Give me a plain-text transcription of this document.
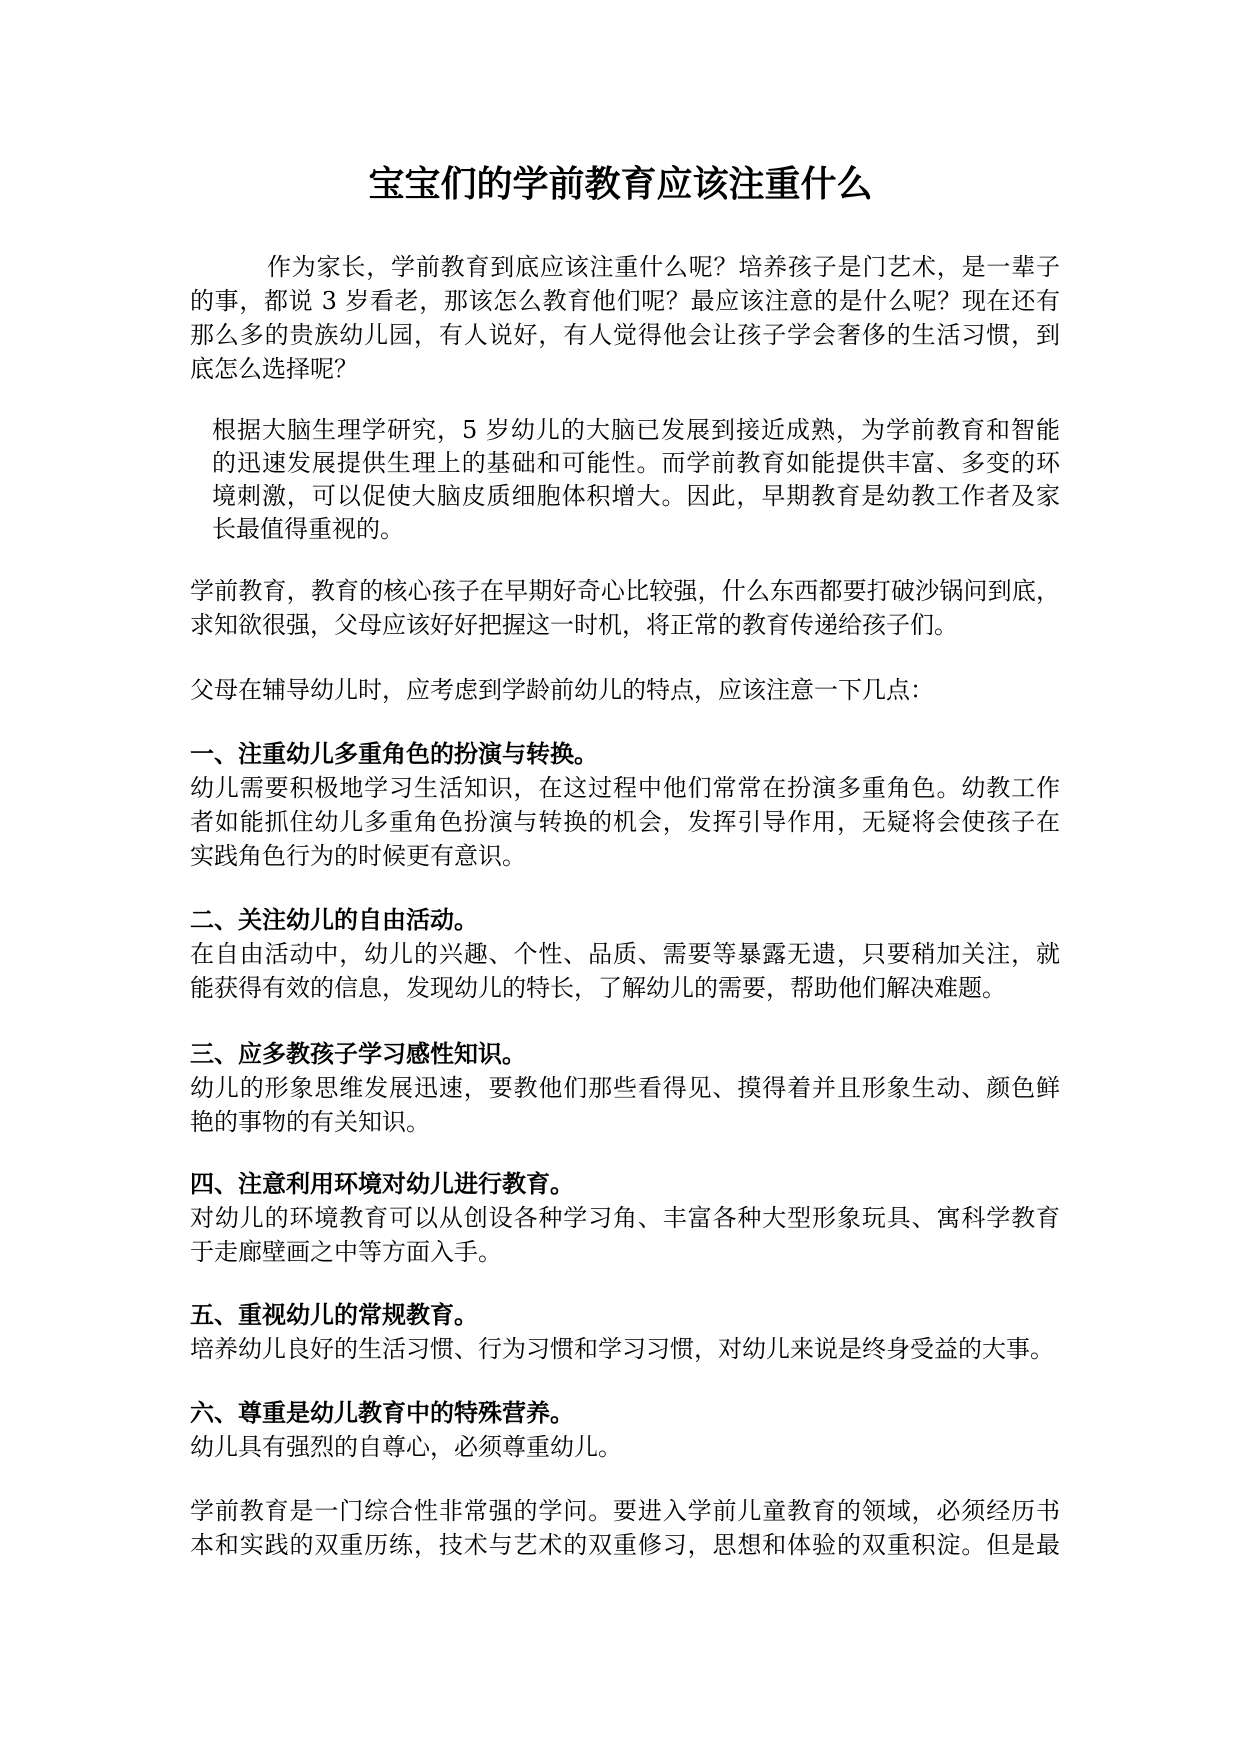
宝宝们的学前教育应该注重什么
作为家长，学前教育到底应该注重什么呢？培养孩子是门艺术，是一辈子
的事，都说 3 岁看老，那该怎么教育他们呢？最应该注意的是什么呢？现在还有
那么多的贵族幼儿园，有人说好，有人觉得他会让孩子学会奢侈的生活习惯，到
底怎么选择呢？
根据大脑生理学研究，5 岁幼儿的大脑已发展到接近成熟，为学前教育和智能
的迅速发展提供生理上的基础和可能性。而学前教育如能提供丰富、多变的环
境刺激，可以促使大脑皮质细胞体积增大。因此，早期教育是幼教工作者及家
长最值得重视的。
学前教育，教育的核心孩子在早期好奇心比较强，什么东西都要打破沙锅问到底，
求知欲很强，父母应该好好把握这一时机，将正常的教育传递给孩子们。
父母在辅导幼儿时，应考虑到学龄前幼儿的特点，应该注意一下几点：
一、注重幼儿多重角色的扮演与转换。
幼儿需要积极地学习生活知识，在这过程中他们常常在扮演多重角色。幼教工作
者如能抓住幼儿多重角色扮演与转换的机会，发挥引导作用，无疑将会使孩子在
实践角色行为的时候更有意识。
二、关注幼儿的自由活动。
在自由活动中，幼儿的兴趣、个性、品质、需要等暴露无遗，只要稍加关注，就
能获得有效的信息，发现幼儿的特长，了解幼儿的需要，帮助他们解决难题。
三、应多教孩子学习感性知识。
幼儿的形象思维发展迅速，要教他们那些看得见、摸得着并且形象生动、颜色鲜
艳的事物的有关知识。
四、注意利用环境对幼儿进行教育。
对幼儿的环境教育可以从创设各种学习角、丰富各种大型形象玩具、寓科学教育
于走廊壁画之中等方面入手。
五、重视幼儿的常规教育。
培养幼儿良好的生活习惯、行为习惯和学习习惯，对幼儿来说是终身受益的大事。
六、尊重是幼儿教育中的特殊营养。
幼儿具有强烈的自尊心，必须尊重幼儿。
学前教育是一门综合性非常强的学问。要进入学前儿童教育的领域，必须经历书
本和实践的双重历练，技术与艺术的双重修习，思想和体验的双重积淀。但是最
